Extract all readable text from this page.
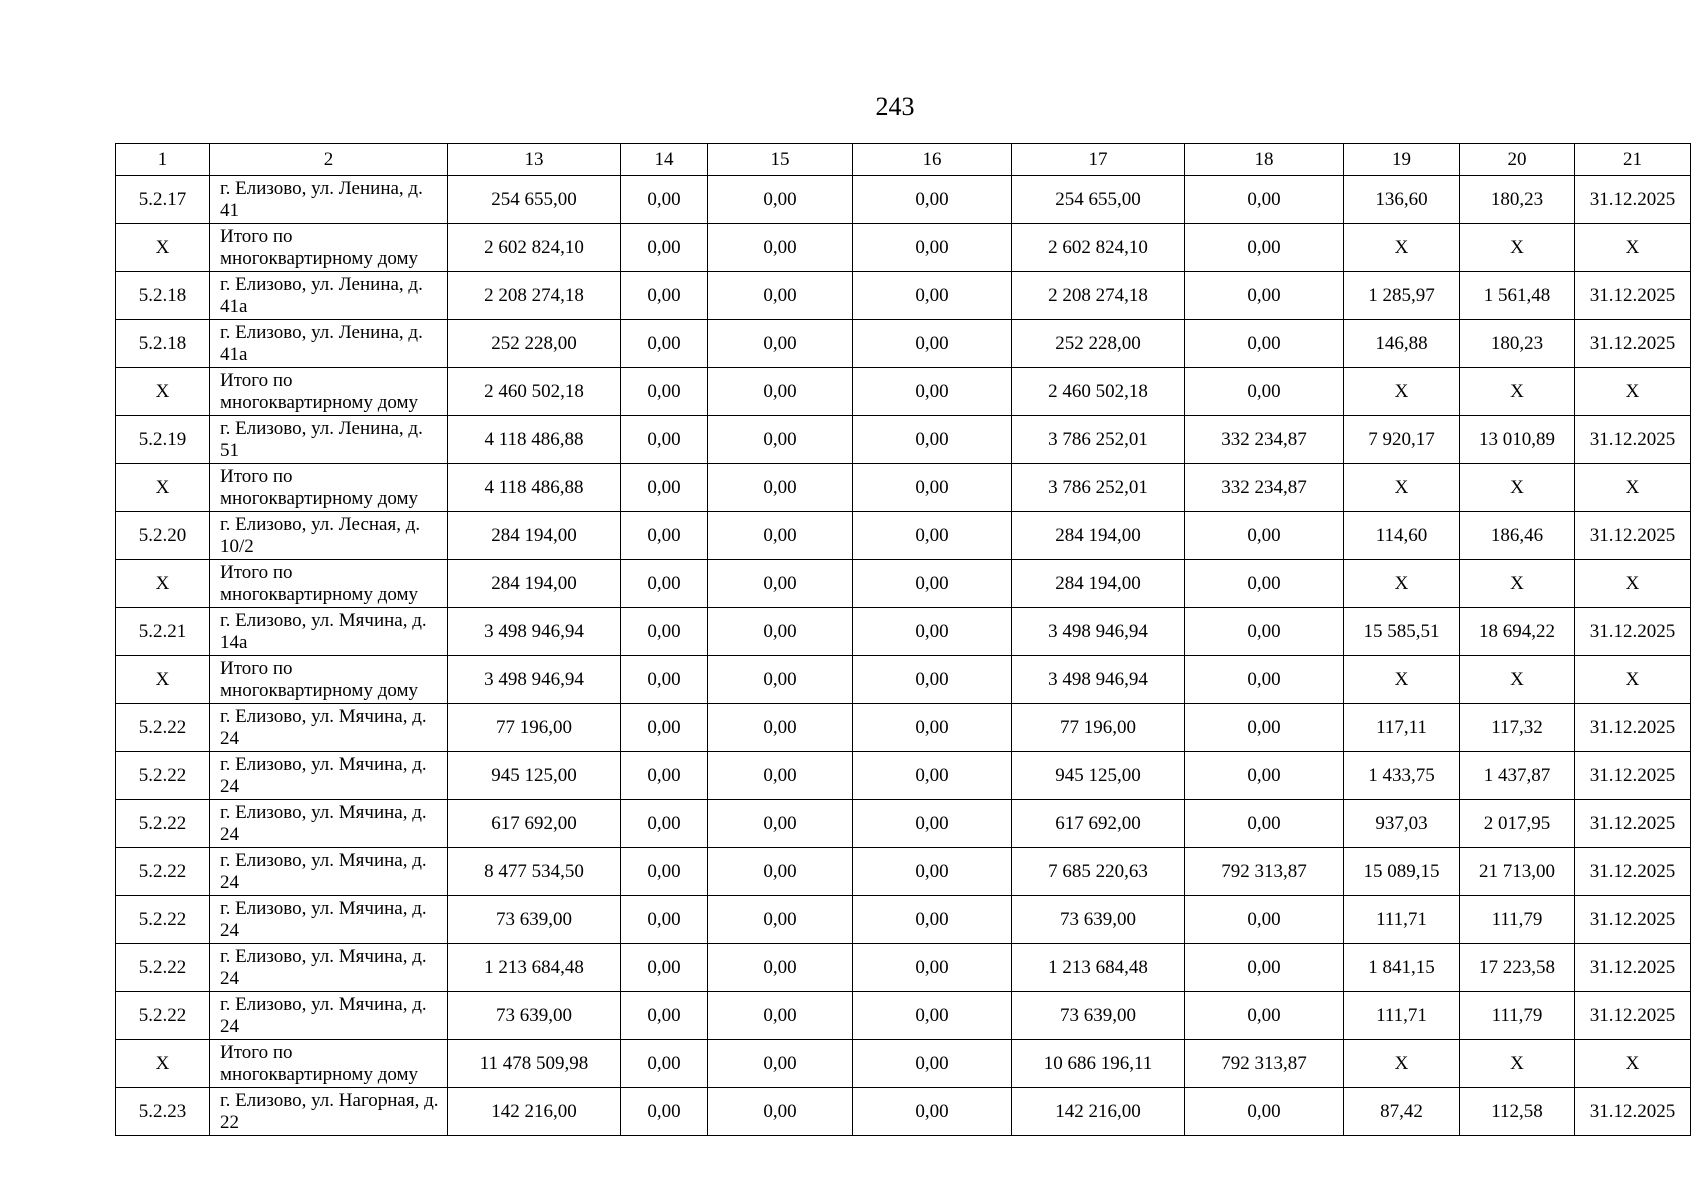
243
1	2	13	14	15	16	17	18	19	20	21
5.2.17	г. Елизово, ул. Ленина, д. 41	254 655,00	0,00	0,00	0,00	254 655,00	0,00	136,60	180,23	31.12.2025
Х	Итого по многоквартирному дому	2 602 824,10	0,00	0,00	0,00	2 602 824,10	0,00	Х	Х	Х
5.2.18	г. Елизово, ул. Ленина, д. 41а	2 208 274,18	0,00	0,00	0,00	2 208 274,18	0,00	1 285,97	1 561,48	31.12.2025
5.2.18	г. Елизово, ул. Ленина, д. 41а	252 228,00	0,00	0,00	0,00	252 228,00	0,00	146,88	180,23	31.12.2025
Х	Итого по многоквартирному дому	2 460 502,18	0,00	0,00	0,00	2 460 502,18	0,00	Х	Х	Х
5.2.19	г. Елизово, ул. Ленина, д. 51	4 118 486,88	0,00	0,00	0,00	3 786 252,01	332 234,87	7 920,17	13 010,89	31.12.2025
Х	Итого по многоквартирному дому	4 118 486,88	0,00	0,00	0,00	3 786 252,01	332 234,87	Х	Х	Х
5.2.20	г. Елизово, ул. Лесная, д. 10/2	284 194,00	0,00	0,00	0,00	284 194,00	0,00	114,60	186,46	31.12.2025
Х	Итого по многоквартирному дому	284 194,00	0,00	0,00	0,00	284 194,00	0,00	Х	Х	Х
5.2.21	г. Елизово, ул. Мячина, д. 14а	3 498 946,94	0,00	0,00	0,00	3 498 946,94	0,00	15 585,51	18 694,22	31.12.2025
Х	Итого по многоквартирному дому	3 498 946,94	0,00	0,00	0,00	3 498 946,94	0,00	Х	Х	Х
5.2.22	г. Елизово, ул. Мячина, д. 24	77 196,00	0,00	0,00	0,00	77 196,00	0,00	117,11	117,32	31.12.2025
5.2.22	г. Елизово, ул. Мячина, д. 24	945 125,00	0,00	0,00	0,00	945 125,00	0,00	1 433,75	1 437,87	31.12.2025
5.2.22	г. Елизово, ул. Мячина, д. 24	617 692,00	0,00	0,00	0,00	617 692,00	0,00	937,03	2 017,95	31.12.2025
5.2.22	г. Елизово, ул. Мячина, д. 24	8 477 534,50	0,00	0,00	0,00	7 685 220,63	792 313,87	15 089,15	21 713,00	31.12.2025
5.2.22	г. Елизово, ул. Мячина, д. 24	73 639,00	0,00	0,00	0,00	73 639,00	0,00	111,71	111,79	31.12.2025
5.2.22	г. Елизово, ул. Мячина, д. 24	1 213 684,48	0,00	0,00	0,00	1 213 684,48	0,00	1 841,15	17 223,58	31.12.2025
5.2.22	г. Елизово, ул. Мячина, д. 24	73 639,00	0,00	0,00	0,00	73 639,00	0,00	111,71	111,79	31.12.2025
Х	Итого по многоквартирному дому	11 478 509,98	0,00	0,00	0,00	10 686 196,11	792 313,87	Х	Х	Х
5.2.23	г. Елизово, ул. Нагорная, д. 22	142 216,00	0,00	0,00	0,00	142 216,00	0,00	87,42	112,58	31.12.2025
